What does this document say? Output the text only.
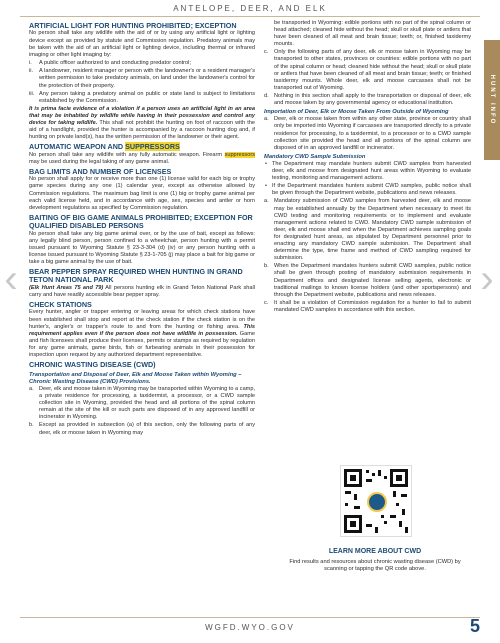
ANTELOPE, DEER, AND ELK
ARTIFICIAL LIGHT FOR HUNTING PROHIBITED; EXCEPTION

No person shall take any wildlife with the aid of or by using any artificial light or lighting device except as provided by statute and Commission regulation. Predatory animals may be taken with the aid of an artificial light or lighting device, including thermal or infrared imaging or other light imaging by:

i. A public officer authorized to and conducting predator control;
ii. A landowner, resident manager or person with the landowner's or a resident manager's written permission to take predatory animals, on land under the landowner's control for the protection of their property.
iii. Any person taking a predatory animal on public or state land is subject to limitations established by the Commission.

It is prima facie evidence of a violation if a person uses an artificial light in an area that may be inhabited by wildlife while having in their possession and control any device for taking wildlife. This shall not prohibit the hunting on foot of raccoon with the aid of a handlight, provided the hunter is accompanied by a raccoon hunting dog and, if hunting on private land(s), has the written permission of the landowner or their agent.

AUTOMATIC WEAPON AND SUPPRESSORS

No person shall take any wildlife with any fully automatic weapon. Firearm suppressors may be used during the legal taking of any game animal.

BAG LIMITS AND NUMBER OF LICENSES

No person shall apply for or receive more than one (1) license valid for each big or trophy game species during any one (1) calendar year, except as otherwise allowed by Commission regulations. The maximum bag limit is one (1) big or trophy game animal per each valid license held, and in accordance with age, sex, species and antler or horn development regulations as specified by Commission regulation.

BAITING OF BIG GAME ANIMALS PROHIBITED; EXCEPTION FOR QUALIFIED DISABLED PERSONS

No person shall take any big game animal over, or by the use of bait, except as follows: any legally blind person, person confined to a wheelchair, person hunting with a permit issued pursuant to Wyoming Statute § 23-3-304 (d) (iv) or any person hunting with a license issued pursuant to Wyoming Statute § 23-1-705 (j) may place a bait for big game or take a big game animal by the use of bait.

BEAR PEPPER SPRAY REQUIRED WHEN HUNTING IN GRAND TETON NATIONAL PARK

(Elk Hunt Areas 75 and 79) All persons hunting elk in Grand Teton National Park shall carry and have readily accessible bear pepper spray.

CHECK STATIONS

Every hunter, angler or trapper entering or leaving areas for which check stations have been established shall stop and report at the check station if the check station is on the hunter's, angler's or trapper's route to and from the hunting or fishing area. This requirement applies even if the person does not have wildlife in possession. Game and fish licensees shall produce their licenses, permits or stamps as required by regulation for any game animals, game birds, fish or furbearing animals in their possession for inspection upon request by any authorized department representative.

CHRONIC WASTING DISEASE (CWD)
Transportation and Disposal of Deer, Elk and Moose Taken within Wyoming – Chronic Wasting Disease (CWD) Provisions.
a. Deer, elk and moose taken in Wyoming may be transported within Wyoming to a camp, a private residence for processing, a taxidermist, a processor, or a CWD sample collection site in Wyoming, provided the head and all portions of the spinal column remain at the site of the kill or such parts are disposed of in any approved landfill or incinerator in Wyoming.
b. Except as provided in subsection (a) of this section, only the following parts of any deer, elk or moose taken in Wyoming may
be transported in Wyoming: edible portions with no part of the spinal column or head attached; cleaned hide without the head; skull or skull plate or antlers that have been cleaned of all meat and brain tissue; teeth; or, finished taxidermy mounts.
c. Only the following parts of any deer, elk or moose taken in Wyoming may be transported to other states, provinces or countries: edible portions with no part of the spinal column or head; cleaned hide without the head; skull or skull plate or antlers that have been cleaned of all meat and brain tissue; teeth; or finished taxidermy mounts. Whole deer, elk and moose carcasses shall not be transported out of Wyoming.
d. Nothing in this section shall apply to the transportation or disposal of deer, elk and moose taken by any governmental agency or educational institution.
Importation of Deer, Elk or Moose Taken From Outside of Wyoming
a. Deer, elk or moose taken from within any other state, province or country shall only be imported into Wyoming if carcasses are transported directly to a private residence for processing, to a taxidermist, to a processor or to a CWD sample collection site provided the head and all portions of the spinal column are disposed of in an approved landfill or incinerator.
Mandatory CWD Sample Submission
• The Department may mandate hunters submit CWD samples from harvested deer, elk and moose from designated hunt areas within Wyoming to evaluate testing, monitoring and management actions.
• If the Department mandates hunters submit CWD samples, public notice shall be given through the Department website, publications and news releases.
a. Mandatory submission of CWD samples from harvested deer, elk and moose may be established annually by the Department when necessary to meet its CWD testing and monitoring requirements or to implement and evaluate management actions related to CWD. Mandatory CWD sample submission of deer, elk and moose shall end when the Department achieves sampling goals for designated hunt areas, as stipulated by Department personnel prior to enacting any mandatory CWD sample submission. The Department shall determine the type, time frame and method of CWD sampling required for submission.
b. When the Department mandates hunters submit CWD samples, public notice shall be given through posting of mandatory submission requirements in Department offices and designated license selling agents, electronic or traditional mailings to known license holders (and other sportspersons) and through the Department website, publications and news releases.
c. It shall be a violation of Commission regulation for a hunter to fail to submit mandated CWD samples in accordance with this section.
HUNT INFO
LEARN MORE ABOUT CWD
Find results and resources about chronic wasting disease (CWD) by scanning or tapping the QR code above.
‹	›
WGFD.WYO.GOV	5
